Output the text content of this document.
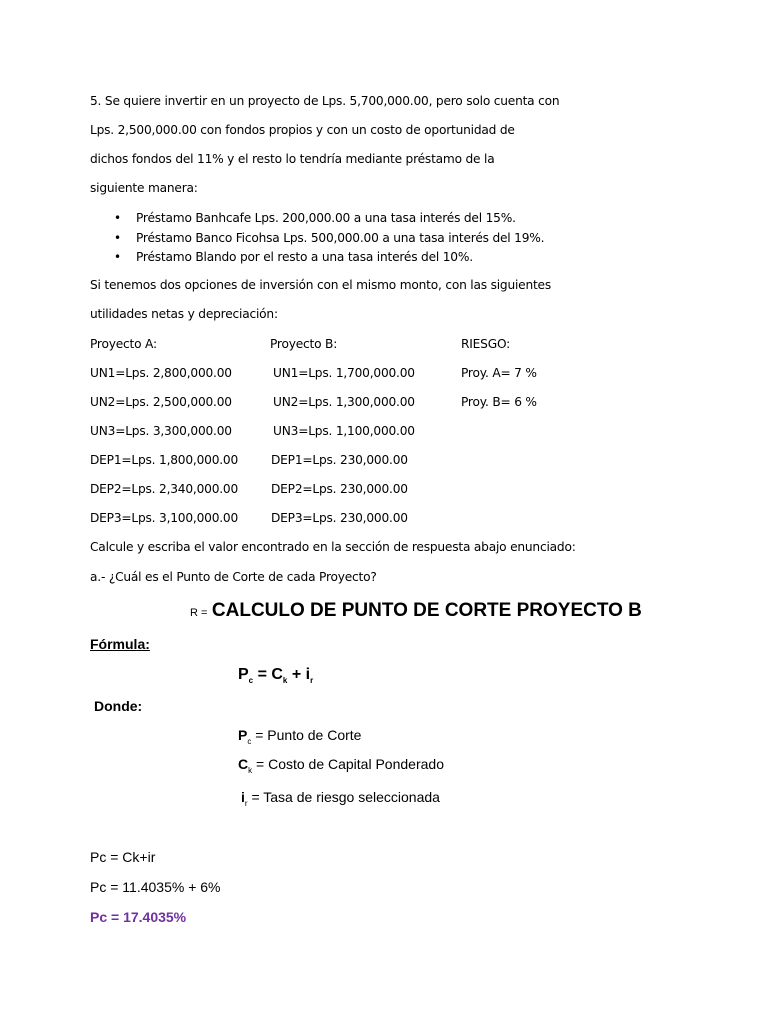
5. Se quiere invertir en un proyecto de Lps. 5,700,000.00, pero solo cuenta con
Lps. 2,500,000.00 con fondos propios y con un costo de oportunidad de
dichos fondos del 11% y el resto lo tendría mediante préstamo de la
siguiente manera:
• Préstamo Banhcafe Lps. 200,000.00 a una tasa interés del 15%.
• Préstamo Banco Ficohsa Lps. 500,000.00 a una tasa interés del 19%.
• Préstamo Blando por el resto a una tasa interés del 10%.
Si tenemos dos opciones de inversión con el mismo monto, con las siguientes
utilidades netas y depreciación:
Proyecto A:	Proyecto B:	RIESGO:
UN1=Lps. 2,800,000.00	UN1=Lps. 1,700,000.00	Proy. A= 7 %
UN2=Lps. 2,500,000.00	UN2=Lps. 1,300,000.00	Proy. B= 6 %
UN3=Lps. 3,300,000.00	UN3=Lps. 1,100,000.00
DEP1=Lps. 1,800,000.00	DEP1=Lps. 230,000.00
DEP2=Lps. 2,340,000.00	DEP2=Lps. 230,000.00
DEP3=Lps. 3,100,000.00	DEP3=Lps. 230,000.00
Calcule y escriba el valor encontrado en la sección de respuesta abajo enunciado:
a.- ¿Cuál es el Punto de Corte de cada Proyecto?
R = CALCULO DE PUNTO DE CORTE PROYECTO B
Fórmula:
$P_c = C_k + i_r$
Donde:
$P_c$ = Punto de Corte
$C_k$ = Costo de Capital Ponderado
$i_r$ = Tasa de riesgo seleccionada
Pc = Ck+ir
Pc = 11.4035% + 6%
Pc = 17.4035%
